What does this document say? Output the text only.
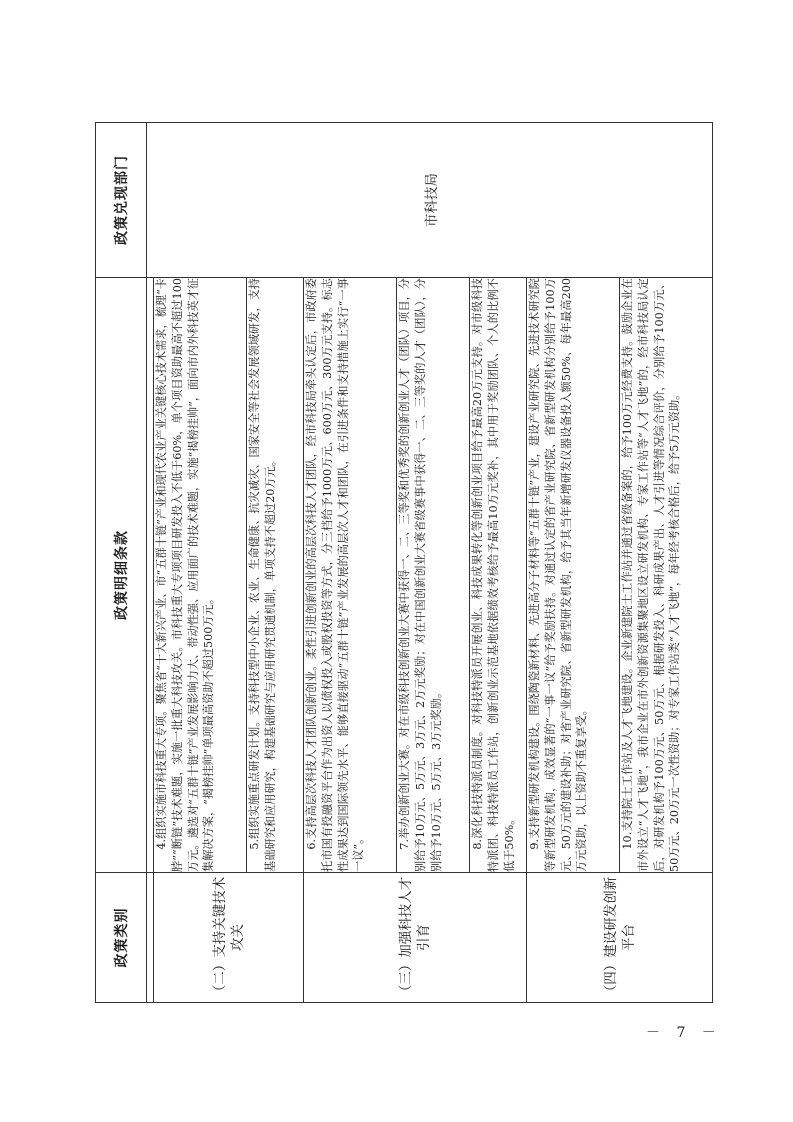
政策类别	政策明细条款	政策兑现部门
		市科技局
（二）支持关键技术攻关	4.组织实施市科技重大专项。聚焦省“十大新兴产业、市“五群十链”产业和现代农业产业关键核心技术需求，梳理“卡脖”“断链”技术难题，实施一批重大科技攻关。市科技重大专项项目研发投入不低于60%，单个项目资助最高不超过100万元。遴选对“五群十链”产业发展影响力大、带动性强、应用面广的技术难题，实施“揭榜挂帅”，面向市内外科技英才征集解决方案，“揭榜挂帅”单项最高资助不超过500万元。	
	5.组织实施重点研发计划。支持科技型中小企业、农业、生命健康、抗灾减灾、国家安全等社会发展领域研发，支持基础研究和应用研究，构建基础研究与应用研究贯通机制，单项支持不超过20万元。	
（三）加强科技人才引育	6.支持高层次科技人才团队创新创业。柔性引进创新创业的高层次科技人才团队，经市科技局牵头认定后，市政府委托市国有投融资平台作为出资人以债权投入或股权投资等方式，分三档给予1000万元、600万元、300万元支持。标志性成果达到国际领先水平、能够直接驱动“五群十链”产业发展的高层次人才和团队，在引进条件和支持措施上实行“一事一议”。	
	7.举办创新创业大赛。对在市级科技创新创业大赛中获得一、二、三等奖和优秀奖的创新创业人才（团队）项目，分别给予10万元、5万元、3万元、2万元奖励；对在中国创新创业大赛省级赛事中获得一、二、三等奖的人才（团队），分别给予10万元、5万元、3万元奖励。	
	8.深化科技特派员制度。对科技特派员开展创业、科技成果转化等创新创业项目给予最高20万元支持。对市级科技特派团、科技特派员工作站，创新创业示范基地依据绩效考核给予最高10万元奖补，其中用于奖励团队、个人的比例不低于50%。	
（四）建设研发创新平台	9.支持新型研发机构建设。围绕陶瓷新材料、先进高分子材料等“五群十链”产业，建设产业研究院、先进技术研究院等新型研发机构，成效显著的“一事一议”给予奖励扶持。对通过认定的省产业研究院、省新型研发机构分别给予100万元、50万元的建设补助；对省产业研究院、省新型研发机构，给予其当年新增研发仪器设备投入额50%、每年最高200万元资助，以上资助不重复享受。	
	10.支持院士工作站及人才飞地建设。企业新建院士工作站并通过省级备案的，给予100万元经费支持。鼓励企业在市外设立“人才飞地”，我市企业在市外创新资源集聚地区设立研发机构、专家工作站等“人才飞地”的，经市科技局认定后，对研发机构予100万元、50万元、根据研发投入、科研成果产出、人才引进等情况综合评价，分别给予100万元、50万元、20万元一次性资助；对专家工作站类“人才飞地”，每年经考核合格后，给予5万元资助。	
－ 7 －
